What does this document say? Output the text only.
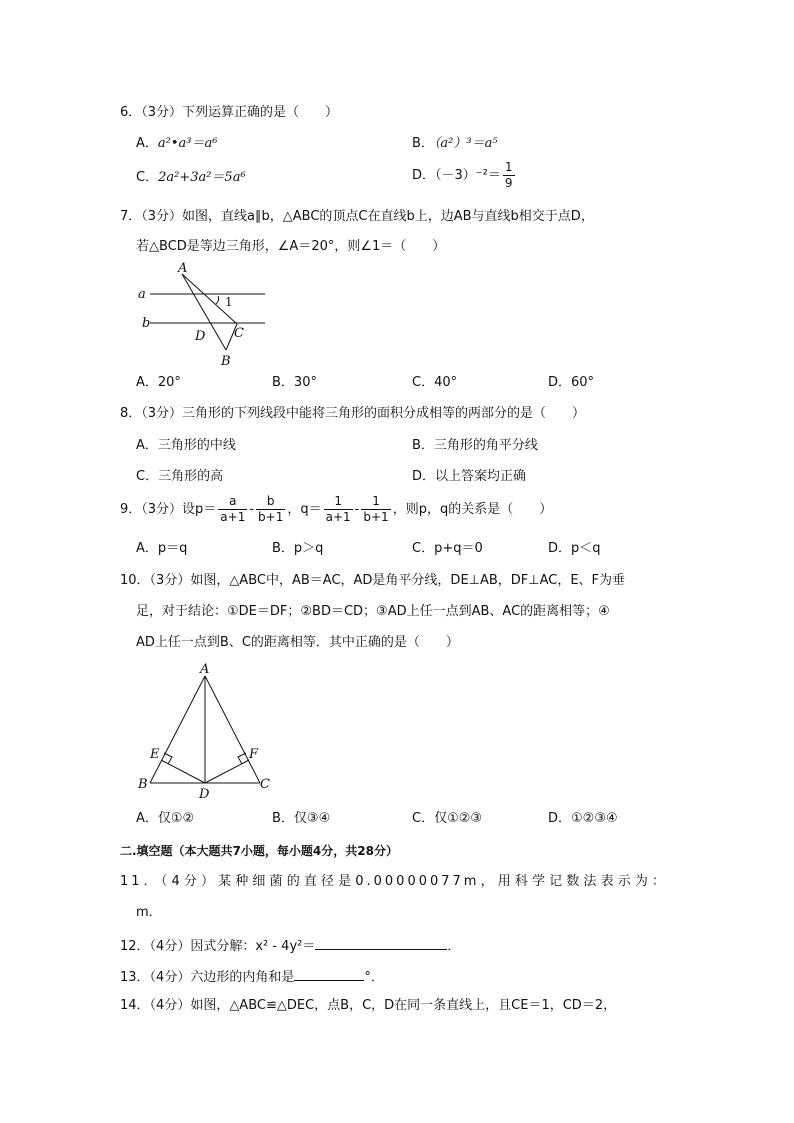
6．（3分）下列运算正确的是（　　）
A．a²•a³＝a⁶	B．（a²）³＝a⁵
C．2a²+3a²＝5a⁶	D．$(-3)^{-2}= \frac{1}{9}$
7．（3分）如图，直线a∥b，△ABC的顶点C在直线b上，边AB与直线b相交于点D，
若△BCD是等边三角形，∠A＝20°，则∠1＝（　　）
A
a
b
1
D C
B
A．20°	B．30°	C．40°	D．60°
8．（3分）三角形的下列线段中能将三角形的面积分成相等的两部分的是（　　）
A．三角形的中线	B．三角形的角平分线
C．三角形的高	D．以上答案均正确
9．（3分）设$p= \frac{a}{a+1} - \frac{b}{b+1}$ ，$q= \frac{1}{a+1} - \frac{1}{b+1}$ ，则p，q的关系是（　　）
A．p＝q	B．p＞q	C．p+q＝0	D．p＜q
10．（3分）如图，△ABC中，AB＝AC，AD是角平分线，DE⊥AB，DF⊥AC，E、F为垂
足，对于结论：①DE＝DF；②BD＝CD；③AD上任一点到AB、AC的距离相等；④
AD上任一点到B、C的距离相等．其中正确的是（　　）
A
B	C
D
E	F
A．仅①②	B．仅③④	C．仅①②③	D．①②③④
二.填空题（本大题共7小题，每小题4分，共28分）
11．（4分）某种细菌的直径是0.00000077m，用科学记数法表示为：
m．
12．（4分）因式分解：x² - 4y²＝	．
13．（4分）六边形的内角和是	°．
14．（4分）如图，△ABC≌△DEC，点B，C，D在同一条直线上，且CE＝1，CD＝2，
